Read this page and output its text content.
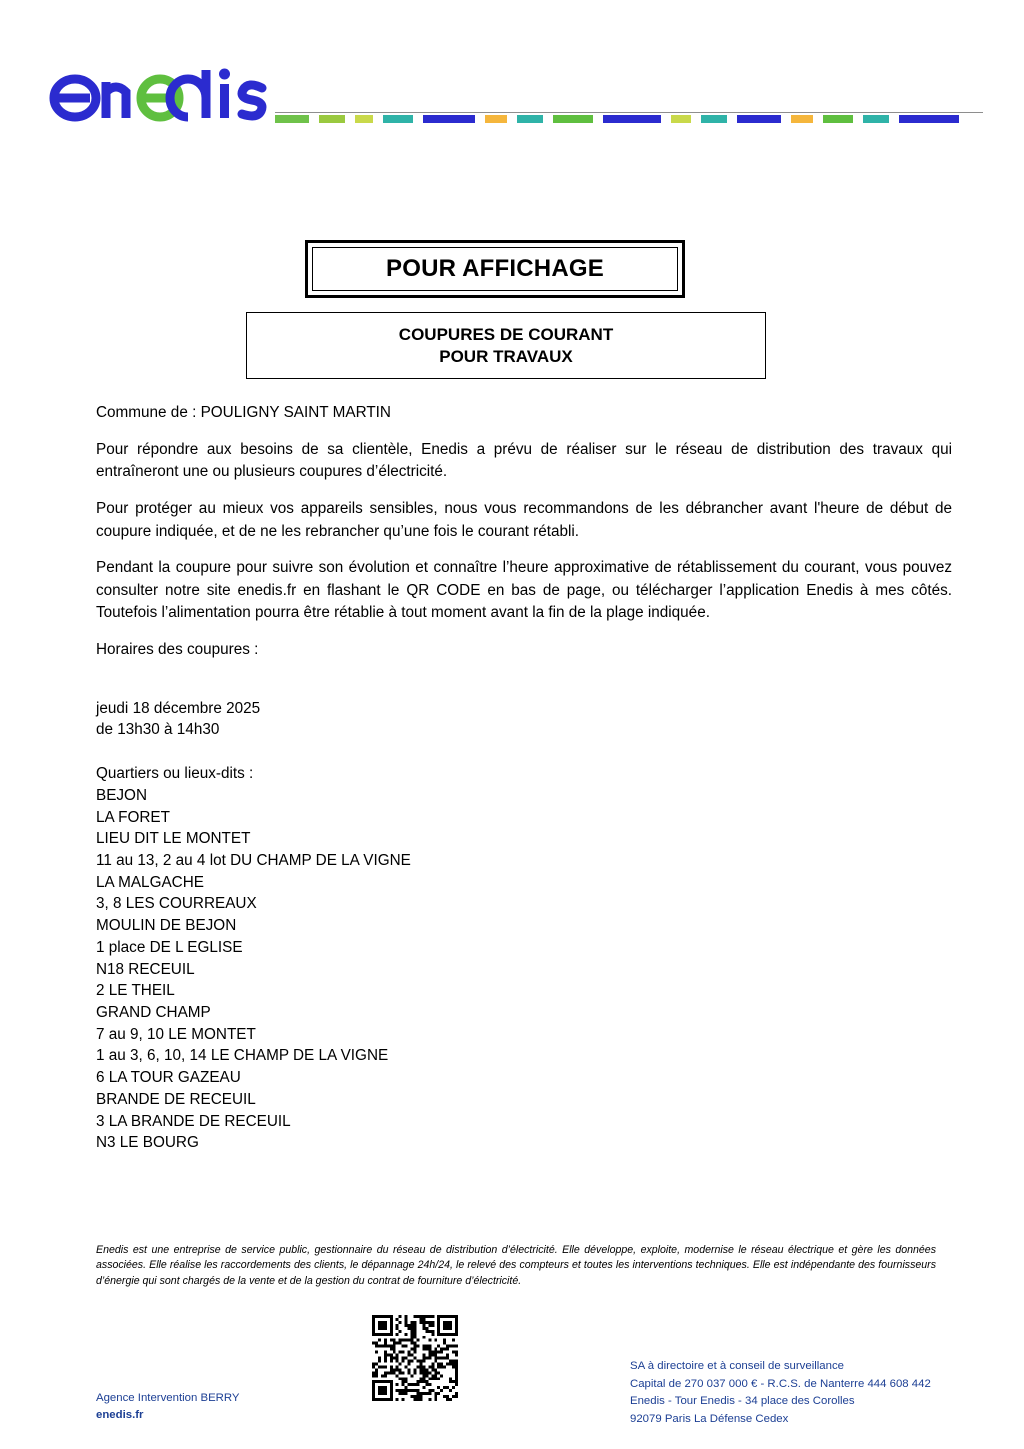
POUR AFFICHAGE
COUPURES DE COURANT
POUR TRAVAUX

Commune de : POULIGNY SAINT MARTIN

Pour répondre aux besoins de sa clientèle, Enedis a prévu de réaliser sur le réseau de distribution des travaux qui entraîneront une ou plusieurs coupures d’électricité.

Pour protéger au mieux vos appareils sensibles, nous vous recommandons de les débrancher avant l'heure de début de coupure indiquée, et de ne les rebrancher qu’une fois le courant rétabli.

Pendant la coupure pour suivre son évolution et connaître l’heure approximative de rétablissement du courant, vous pouvez consulter notre site enedis.fr en flashant le QR CODE en bas de page, ou télécharger l’application Enedis à mes côtés. Toutefois l’alimentation pourra être rétablie à tout moment avant la fin de la plage indiquée.

Horaires des coupures :

jeudi 18 décembre 2025
de 13h30 à 14h30
Quartiers ou lieux-dits :
BEJON
LA FORET
LIEU DIT LE MONTET
11 au 13, 2 au 4 lot DU CHAMP DE LA VIGNE
LA MALGACHE
3, 8 LES COURREAUX
MOULIN DE BEJON
1 place DE L EGLISE
N18 RECEUIL
2 LE THEIL
GRAND CHAMP
7 au 9, 10 LE MONTET
1 au 3, 6, 10, 14 LE CHAMP DE LA VIGNE
6 LA TOUR GAZEAU
BRANDE DE RECEUIL
3 LA BRANDE DE RECEUIL
N3 LE BOURG
Enedis est une entreprise de service public, gestionnaire du réseau de distribution d’électricité. Elle développe, exploite, modernise le réseau électrique et gère les données associées. Elle réalise les raccordements des clients, le dépannage 24h/24, le relevé des compteurs et toutes les interventions techniques. Elle est indépendante des fournisseurs d’énergie qui sont chargés de la vente et de la gestion du contrat de fourniture d’électricité.
Agence Intervention BERRY
enedis.fr
SA à directoire et à conseil de surveillance
Capital de 270 037 000 € - R.C.S. de Nanterre 444 608 442
Enedis - Tour Enedis - 34 place des Corolles
92079 Paris La Défense Cedex
